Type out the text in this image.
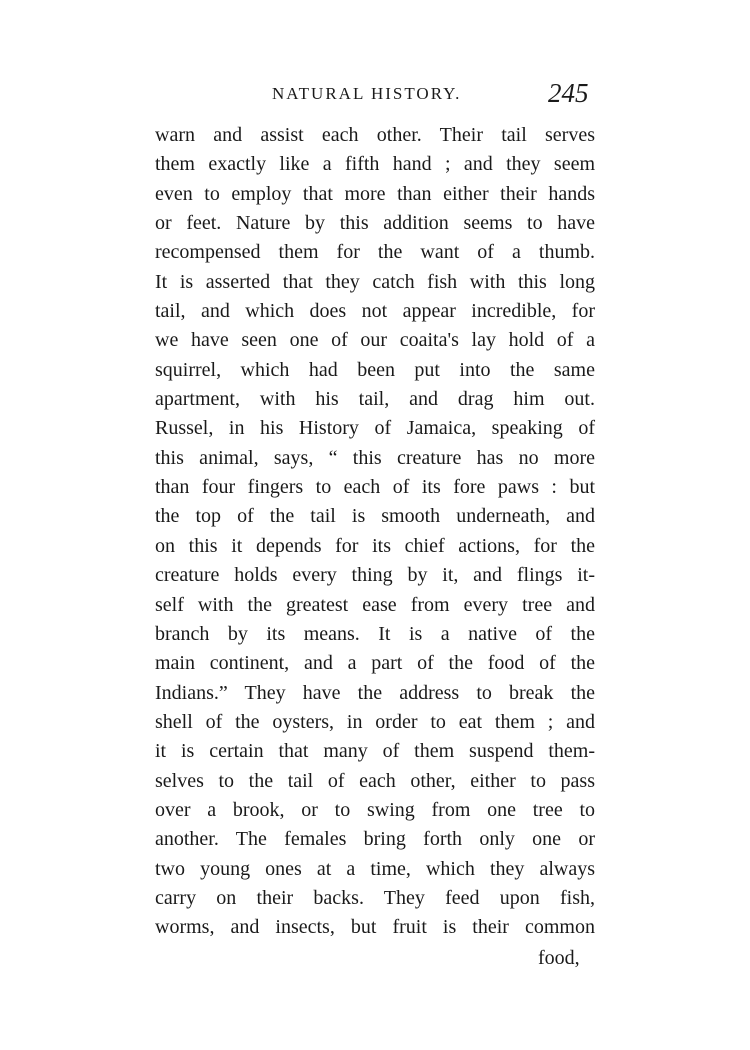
NATURAL HISTORY.	245
warn and assist each other. Their tail serves
them exactly like a fifth hand ; and they seem
even to employ that more than either their hands
or feet. Nature by this addition seems to have
recompensed them for the want of a thumb.
It is asserted that they catch fish with this long
tail, and which does not appear incredible, for
we have seen one of our coaita's lay hold of a
squirrel, which had been put into the same
apartment, with his tail, and drag him out.
Russel, in his History of Jamaica, speaking of
this animal, says, “ this creature has no more
than four fingers to each of its fore paws : but
the top of the tail is smooth underneath, and
on this it depends for its chief actions, for the
creature holds every thing by it, and flings it-
self with the greatest ease from every tree and
branch by its means. It is a native of the
main continent, and a part of the food of the
Indians.” They have the address to break the
shell of the oysters, in order to eat them ; and
it is certain that many of them suspend them-
selves to the tail of each other, either to pass
over a brook, or to swing from one tree to
another. The females bring forth only one or
two young ones at a time, which they always
carry on their backs. They feed upon fish,
worms, and insects, but fruit is their common
food,
